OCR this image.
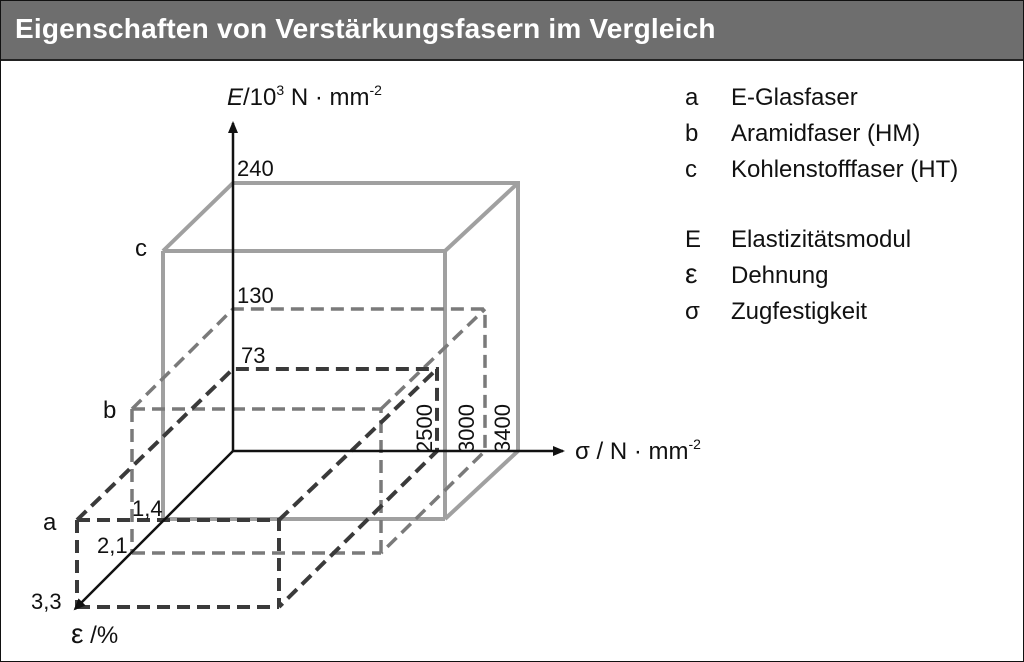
Eigenschaften von Verstärkungsfasern im Vergleich
$E/10^3$ $N \cdot mm^{-2}$
$\sigma / N \cdot mm^{-2}$
ε /%
240
130
73
2500 3000 3400
1,4
2,1
3,3
c
b
a
a E-Glasfaser
b Aramidfaser (HM)
c Kohlenstofffaser (HT)
E Elastizitätsmodul
ε Dehnung
σ Zugfestigkeit
